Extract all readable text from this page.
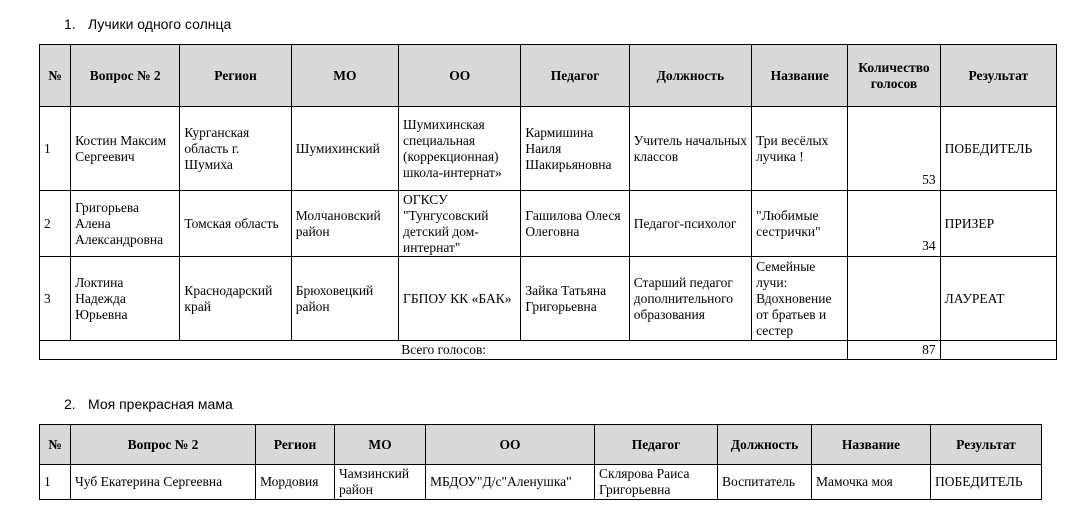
1. Лучики одного солнца
№	Вопрос № 2	Регион	МО	ОО	Педагог	Должность	Название	Количество голосов	Результат
1	Костин Максим Сергеевич	Курганская область г. Шумиха	Шумихинский	Шумихинская специальная (коррекционная) школа-интернат»	Кармишина Наиля Шакирьяновна	Учитель начальных классов	Три весёлых лучика !	53	ПОБЕДИТЕЛЬ
2	Григорьева Алена Александровна	Томская область	Молчановский район	ОГКСУ "Тунгусовский детский дом-интернат"	Гашилова Олеся Олеговна	Педагог-психолог	"Любимые сестрички"	34	ПРИЗЕР
3	Локтина Надежда Юрьевна	Краснодарский край	Брюховецкий район	ГБПОУ КК «БАК»	Зайка Татьяна Григорьевна	Старший педагог дополнительного образования	Семейные лучи: Вдохновение от братьев и сестер		ЛАУРЕАТ
Всего голосов:								87	
2. Моя прекрасная мама
№	Вопрос № 2	Регион	МО	ОО	Педагог	Должность	Название	Результат
1	Чуб Екатерина Сергеевна	Мордовия	Чамзинский район	МБДОУ"Д/с"Аленушка"	Склярова Раиса Григорьевна	Воспитатель	Мамочка моя	ПОБЕДИТЕЛЬ
